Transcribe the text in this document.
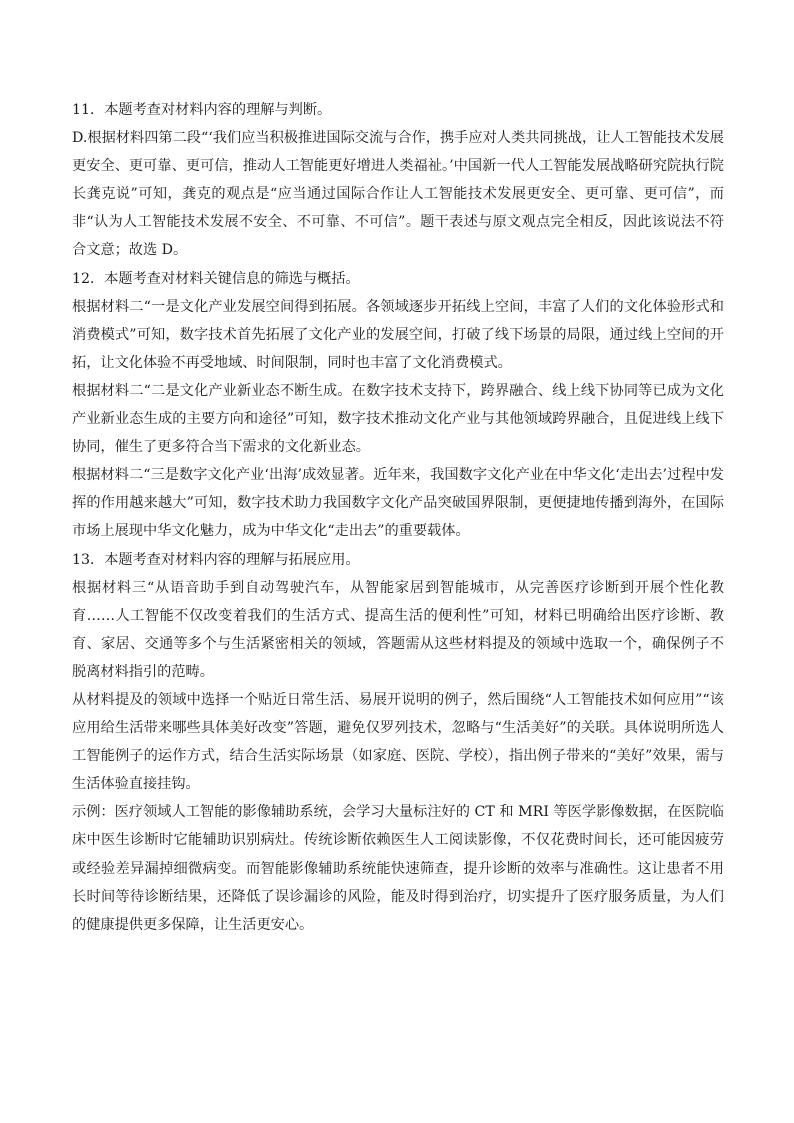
11．本题考查对材料内容的理解与判断。

D.根据材料四第二段“‘我们应当积极推进国际交流与合作，携手应对人类共同挑战，让人工智能技术发展更安全、更可靠、更可信，推动人工智能更好增进人类福祉。’中国新一代人工智能发展战略研究院执行院长龚克说”可知，龚克的观点是“应当通过国际合作让人工智能技术发展更安全、更可靠、更可信”，而非“认为人工智能技术发展不安全、不可靠、不可信”。题干表述与原文观点完全相反，因此该说法不符合文意；故选 D。

12．本题考查对材料关键信息的筛选与概括。

根据材料二“一是文化产业发展空间得到拓展。各领域逐步开拓线上空间，丰富了人们的文化体验形式和消费模式”可知，数字技术首先拓展了文化产业的发展空间，打破了线下场景的局限，通过线上空间的开拓，让文化体验不再受地域、时间限制，同时也丰富了文化消费模式。

根据材料二“二是文化产业新业态不断生成。在数字技术支持下，跨界融合、线上线下协同等已成为文化产业新业态生成的主要方向和途径”可知，数字技术推动文化产业与其他领域跨界融合，且促进线上线下协同，催生了更多符合当下需求的文化新业态。

根据材料二“三是数字文化产业‘出海’成效显著。近年来，我国数字文化产业在中华文化‘走出去’过程中发挥的作用越来越大”可知，数字技术助力我国数字文化产品突破国界限制，更便捷地传播到海外，在国际市场上展现中华文化魅力，成为中华文化“走出去”的重要载体。

13．本题考查对材料内容的理解与拓展应用。

根据材料三“从语音助手到自动驾驶汽车，从智能家居到智能城市，从完善医疗诊断到开展个性化教育……人工智能不仅改变着我们的生活方式、提高生活的便利性”可知，材料已明确给出医疗诊断、教育、家居、交通等多个与生活紧密相关的领域，答题需从这些材料提及的领域中选取一个，确保例子不脱离材料指引的范畴。

从材料提及的领域中选择一个贴近日常生活、易展开说明的例子，然后围绕“人工智能技术如何应用”“该应用给生活带来哪些具体美好改变”答题，避免仅罗列技术，忽略与“生活美好”的关联。具体说明所选人工智能例子的运作方式，结合生活实际场景（如家庭、医院、学校），指出例子带来的“美好”效果，需与生活体验直接挂钩。

示例：医疗领域人工智能的影像辅助系统，会学习大量标注好的 CT 和 MRI 等医学影像数据，在医院临床中医生诊断时它能辅助识别病灶。传统诊断依赖医生人工阅读影像，不仅花费时间长，还可能因疲劳或经验差异漏掉细微病变。而智能影像辅助系统能快速筛查，提升诊断的效率与准确性。这让患者不用长时间等待诊断结果，还降低了误诊漏诊的风险，能及时得到治疗，切实提升了医疗服务质量，为人们的健康提供更多保障，让生活更安心。
